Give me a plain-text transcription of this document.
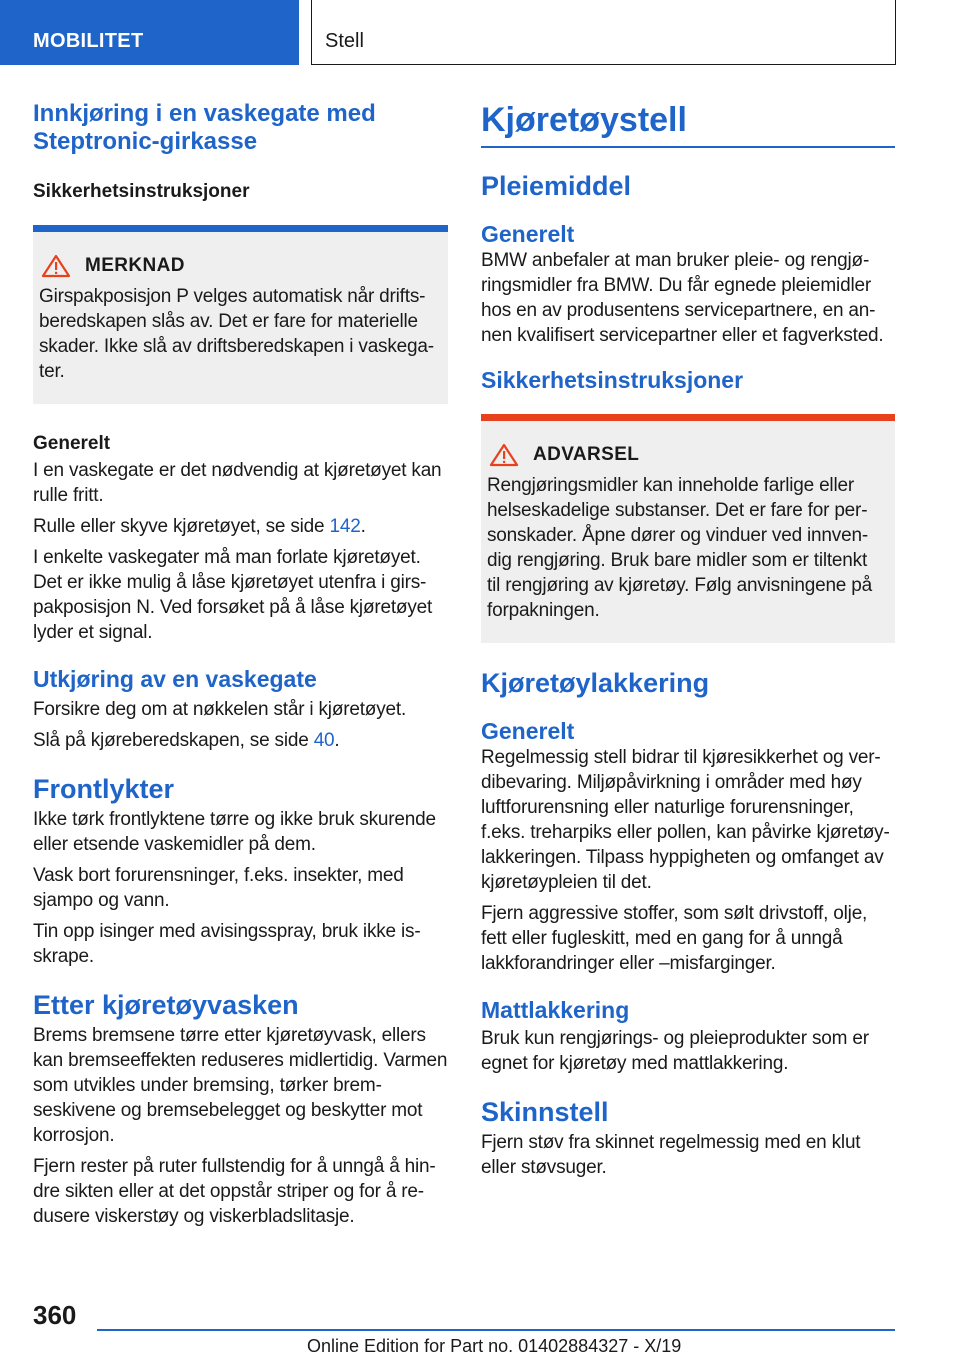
MOBILITET	Stell
Innkjøring i en vaskegate med Steptronic-girkasse
Sikkerhetsinstruksjoner
MERKNAD

Girspakposisjon P velges automatisk når driftsberedskapen slås av. Det er fare for materielle skader. Ikke slå av driftsberedskapen i vaskegater.

Generelt

I en vaskegate er det nødvendig at kjøretøyet kan rulle fritt.

Rulle eller skyve kjøretøyet, se side 142.

I enkelte vaskegater må man forlate kjøretøyet. Det er ikke mulig å låse kjøretøyet utenfra i girspakposisjon N. Ved forsøket på å låse kjøretøyet lyder et signal.

Utkjøring av en vaskegate

Forsikre deg om at nøkkelen står i kjøretøyet.

Slå på kjøreberedskapen, se side 40.

Frontlykter

Ikke tørk frontlyktene tørre og ikke bruk skurende eller etsende vaskemidler på dem.

Vask bort forurensninger, f.eks. insekter, med sjampo og vann.

Tin opp isinger med avisingsspray, bruk ikke isskrape.

Etter kjøretøyvasken

Brems bremsene tørre etter kjøretøyvask, ellers kan bremseeffekten reduseres midlertidig. Varmen som utvikles under bremsing, tørker bremseskivene og bremsebelegget og beskytter mot korrosjon.

Fjern rester på ruter fullstendig for å unngå å hindre sikten eller at det oppstår striper og for å redusere viskerstøy og viskerbladslitasje.

Kjøretøystell
Pleiemiddel
Generelt

BMW anbefaler at man bruker pleie- og rengjøringsmidler fra BMW. Du får egnede pleiemidler hos en av produsentens servicepartnere, en annen kvalifisert servicepartner eller et fagverksted.

Sikkerhetsinstruksjoner
ADVARSEL

Rengjøringsmidler kan inneholde farlige eller helseskadelige substanser. Det er fare for personskader. Åpne dører og vinduer ved innvendig rengjøring. Bruk bare midler som er tiltenkt til rengjøring av kjøretøy. Følg anvisningene på forpakningen.

Kjøretøylakkering
Generelt

Regelmessig stell bidrar til kjøresikkerhet og verdibevaring. Miljøpåvirkning i områder med høy luftforurensning eller naturlige forurensninger, f.eks. treharpiks eller pollen, kan påvirke kjøretøylakkeringen. Tilpass hyppigheten og omfanget av kjøretøypleien til det.

Fjern aggressive stoffer, som sølt drivstoff, olje, fett eller fugleskitt, med en gang for å unngå lakkforandringer eller –misfarginger.

Mattlakkering

Bruk kun rengjørings- og pleieprodukter som er egnet for kjøretøy med mattlakkering.

Skinnstell

Fjern støv fra skinnet regelmessig med en klut eller støvsuger.

360
Online Edition for Part no. 01402884327 - X/19
